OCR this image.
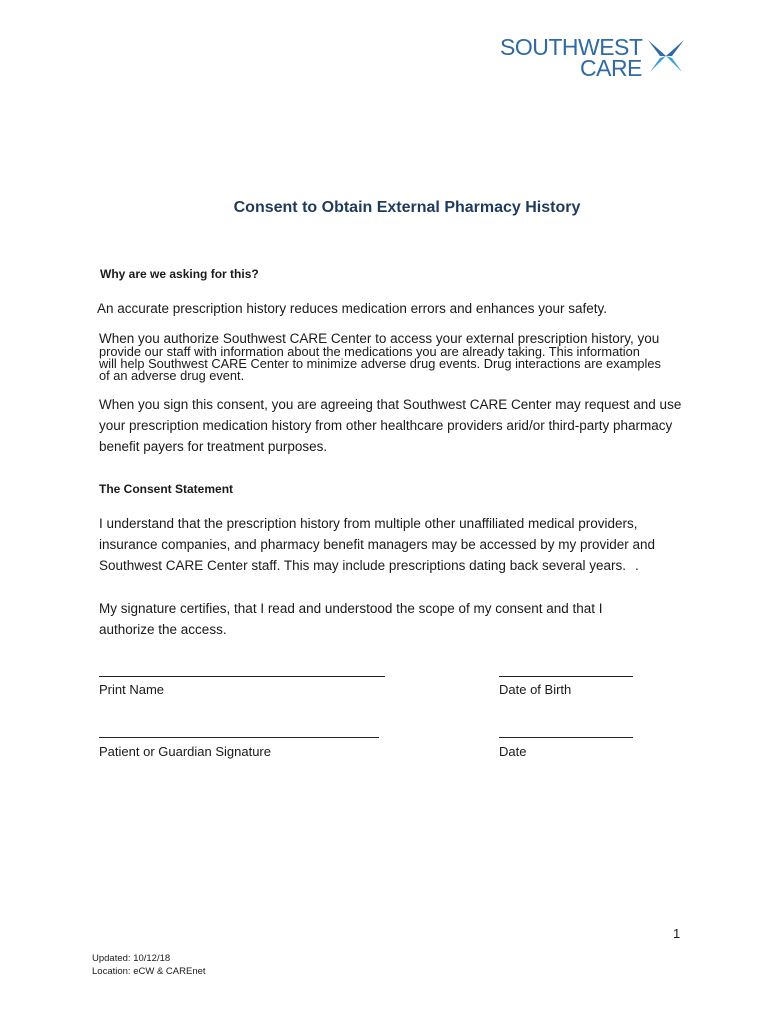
SOUTHWEST
CARE
Consent to Obtain External Pharmacy History
Why are we asking for this?
An accurate prescription history reduces medication errors and enhances your safety.
When you authorize Southwest CARE Center to access your external prescription history, you
provide our staff with information about the medications you are already taking. This information
will help Southwest CARE Center to minimize adverse drug events. Drug interactions are examples
of an adverse drug event.
When you sign this consent, you are agreeing that Southwest CARE Center may request and use
your prescription medication history from other healthcare providers arid/or third-party pharmacy
benefit payers for treatment purposes.
The Consent Statement
I understand that the prescription history from multiple other unaffiliated medical providers,
insurance companies, and pharmacy benefit managers may be accessed by my provider and
Southwest CARE Center staff. This may include prescriptions dating back several years. .
My signature certifies, that I read and understood the scope of my consent and that I
authorize the access.
Print Name	Date of Birth
Patient or Guardian Signature	Date
1
Updated: 10/12/18
Location: eCW & CAREnet
